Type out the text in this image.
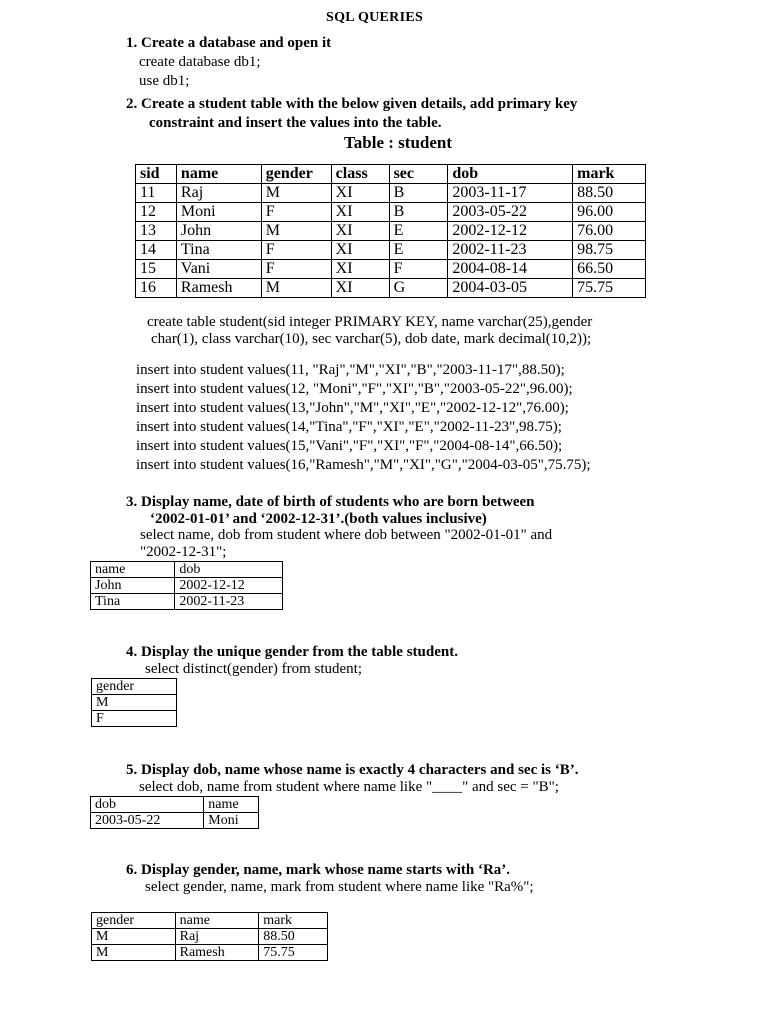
SQL QUERIES
1. Create a database and open it
create database db1;
use db1;
2. Create a student table with the below given details, add primary key
constraint and insert the values into the table.
Table : student
sid	name	gender	class	sec	dob	mark
11	Raj	M	XI	B	2003-11-17	88.50
12	Moni	F	XI	B	2003-05-22	96.00
13	John	M	XI	E	2002-12-12	76.00
14	Tina	F	XI	E	2002-11-23	98.75
15	Vani	F	XI	F	2004-08-14	66.50
16	Ramesh	M	XI	G	2004-03-05	75.75
create table student(sid integer PRIMARY KEY, name varchar(25),gender
char(1), class varchar(10), sec varchar(5), dob date, mark decimal(10,2));
insert into student values(11, "Raj","M","XI","B","2003-11-17",88.50);
insert into student values(12, "Moni","F","XI","B","2003-05-22",96.00);
insert into student values(13,"John","M","XI","E","2002-12-12",76.00);
insert into student values(14,"Tina","F","XI","E","2002-11-23",98.75);
insert into student values(15,"Vani","F","XI","F","2004-08-14",66.50);
insert into student values(16,"Ramesh","M","XI","G","2004-03-05",75.75);
3. Display name, date of birth of students who are born between
‘2002-01-01’ and ‘2002-12-31’.(both values inclusive)
select name, dob from student where dob between "2002-01-01" and
"2002-12-31";
name	dob
John	2002-12-12
Tina	2002-11-23
4. Display the unique gender from the table student.
select distinct(gender) from student;
gender
M
F
5. Display dob, name whose name is exactly 4 characters and sec is ‘B’.
select dob, name from student where name like "____" and sec = "B";
dob	name
2003-05-22	Moni
6. Display gender, name, mark whose name starts with ‘Ra’.
select gender, name, mark from student where name like "Ra%";
gender	name	mark
M	Raj	88.50
M	Ramesh	75.75
